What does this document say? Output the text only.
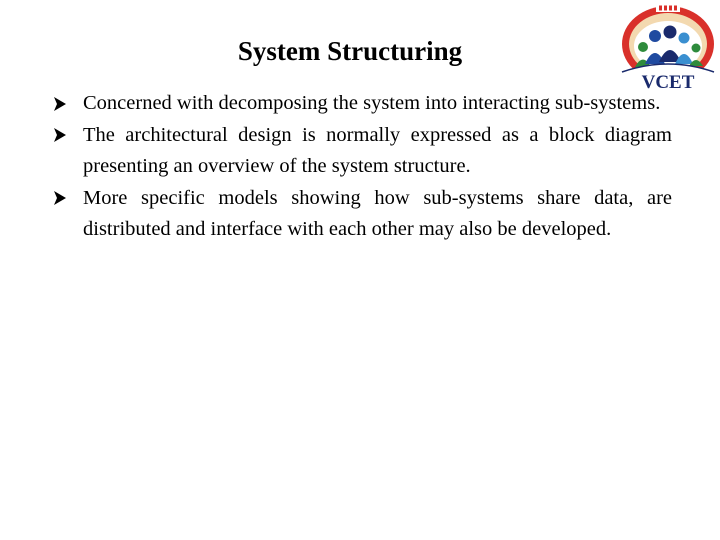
System Structuring
VCET
Concerned with decomposing the system into interacting sub-systems.
The architectural design is normally expressed as a block diagram presenting an overview of the system structure.
More specific models showing how sub-systems share data, are distributed and interface with each other may also be developed.
